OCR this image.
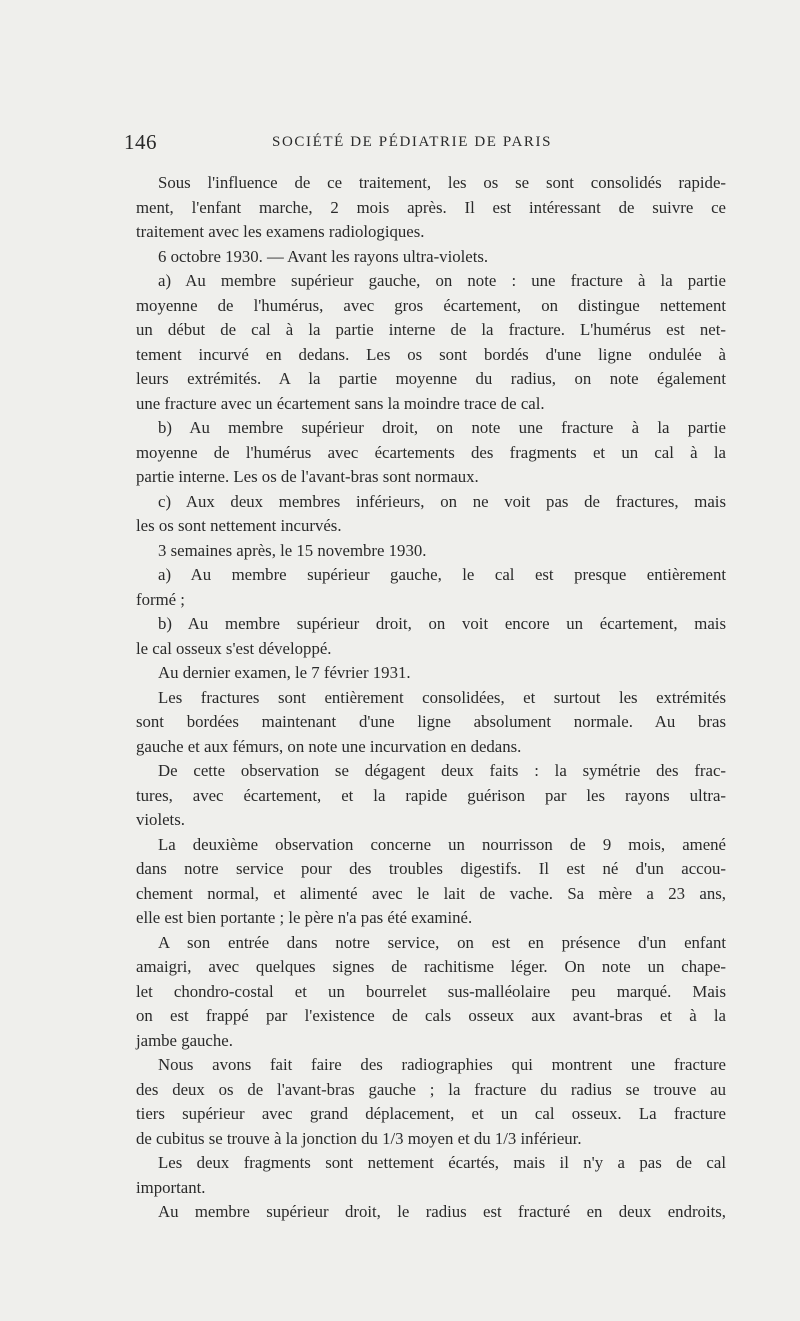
146	SOCIÉTÉ DE PÉDIATRIE DE PARIS
Sous l'influence de ce traitement, les os se sont consolidés rapide-
ment, l'enfant marche, 2 mois après. Il est intéressant de suivre ce
traitement avec les examens radiologiques.
6 octobre 1930. — Avant les rayons ultra-violets.
a) Au membre supérieur gauche, on note : une fracture à la partie
moyenne de l'humérus, avec gros écartement, on distingue nettement
un début de cal à la partie interne de la fracture. L'humérus est net-
tement incurvé en dedans. Les os sont bordés d'une ligne ondulée à
leurs extrémités. A la partie moyenne du radius, on note également
une fracture avec un écartement sans la moindre trace de cal.
b) Au membre supérieur droit, on note une fracture à la partie
moyenne de l'humérus avec écartements des fragments et un cal à la
partie interne. Les os de l'avant-bras sont normaux.
c) Aux deux membres inférieurs, on ne voit pas de fractures, mais
les os sont nettement incurvés.
3 semaines après, le 15 novembre 1930.
a) Au membre supérieur gauche, le cal est presque entièrement
formé ;
b) Au membre supérieur droit, on voit encore un écartement, mais
le cal osseux s'est développé.
Au dernier examen, le 7 février 1931.
Les fractures sont entièrement consolidées, et surtout les extrémités
sont bordées maintenant d'une ligne absolument normale. Au bras
gauche et aux fémurs, on note une incurvation en dedans.
De cette observation se dégagent deux faits : la symétrie des frac-
tures, avec écartement, et la rapide guérison par les rayons ultra-
violets.
La deuxième observation concerne un nourrisson de 9 mois, amené
dans notre service pour des troubles digestifs. Il est né d'un accou-
chement normal, et alimenté avec le lait de vache. Sa mère a 23 ans,
elle est bien portante ; le père n'a pas été examiné.
A son entrée dans notre service, on est en présence d'un enfant
amaigri, avec quelques signes de rachitisme léger. On note un chape-
let chondro-costal et un bourrelet sus-malléolaire peu marqué. Mais
on est frappé par l'existence de cals osseux aux avant-bras et à la
jambe gauche.
Nous avons fait faire des radiographies qui montrent une fracture
des deux os de l'avant-bras gauche ; la fracture du radius se trouve au
tiers supérieur avec grand déplacement, et un cal osseux. La fracture
de cubitus se trouve à la jonction du 1/3 moyen et du 1/3 inférieur.
Les deux fragments sont nettement écartés, mais il n'y a pas de cal
important.
Au membre supérieur droit, le radius est fracturé en deux endroits,
